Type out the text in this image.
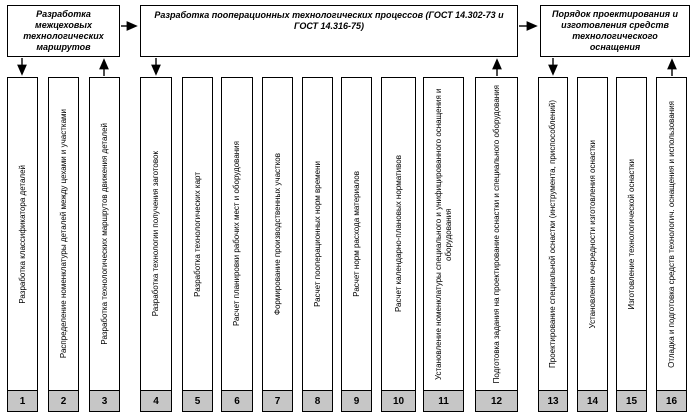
Разработка межцеховых технологических маршрутов
Разработка пооперационных технологических процессов (ГОСТ 14.302-73 и ГОСТ 14.316-75)
Порядок проектирования и изготовления средств технологического оснащения
Разработка классификатора деталей
1
Распределение номенклатуры деталей между цехами и участками
2
Разработка технологических маршрутов движения деталей
3
Разработка технологии получения заготовок
4
Разработка технологических карт
5
Расчет планировки рабочих мест и оборудования
6
Формирование производственных участков
7
Расчет пооперационных норм времени
8
Расчет норм расхода материалов
9
Расчет календарно-плановых нормативов
10
Установление номенклатуры специального и унифицированного оснащения и оборудования
11
Подготовка задания на проектирование оснастки и специального оборудования
12
Проектирование специальной оснастки (инструмента, приспособлений)
13
Установление очередности изготовления оснастки
14
Изготовление технологической оснастки
15
Отладка и подготовка средств технологич. оснащения и использования
16
